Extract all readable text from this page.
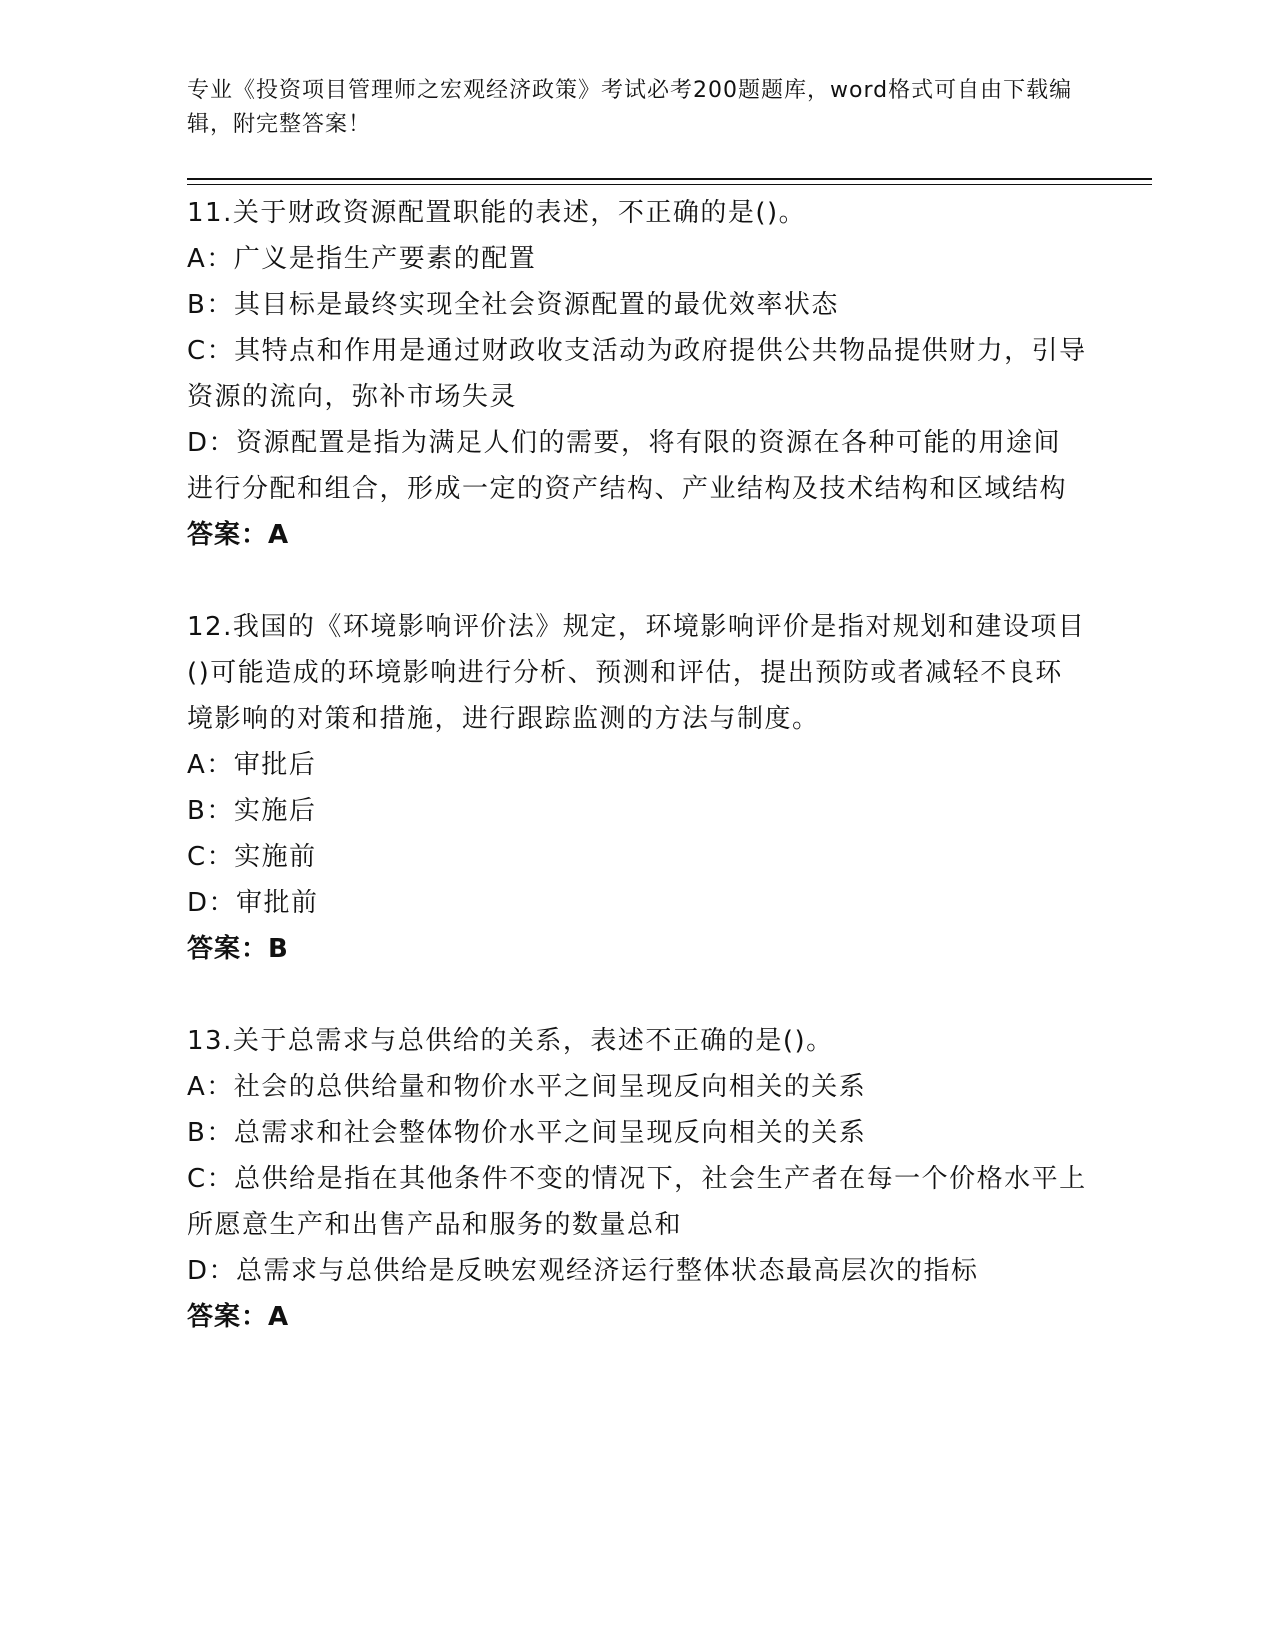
专业《投资项目管理师之宏观经济政策》考试必考200题题库，word格式可自由下载编辑，附完整答案！

11.关于财政资源配置职能的表述，不正确的是()。

A：广义是指生产要素的配置

B：其目标是最终实现全社会资源配置的最优效率状态

C：其特点和作用是通过财政收支活动为政府提供公共物品提供财力，引导资源的流向，弥补市场失灵

D：资源配置是指为满足人们的需要，将有限的资源在各种可能的用途间进行分配和组合，形成一定的资产结构、产业结构及技术结构和区域结构

答案：A

12.我国的《环境影响评价法》规定，环境影响评价是指对规划和建设项目()可能造成的环境影响进行分析、预测和评估，提出预防或者减轻不良环境影响的对策和措施，进行跟踪监测的方法与制度。

A：审批后

B：实施后

C：实施前

D：审批前

答案：B

13.关于总需求与总供给的关系，表述不正确的是()。

A：社会的总供给量和物价水平之间呈现反向相关的关系

B：总需求和社会整体物价水平之间呈现反向相关的关系

C：总供给是指在其他条件不变的情况下，社会生产者在每一个价格水平上所愿意生产和出售产品和服务的数量总和

D：总需求与总供给是反映宏观经济运行整体状态最高层次的指标

答案：A
